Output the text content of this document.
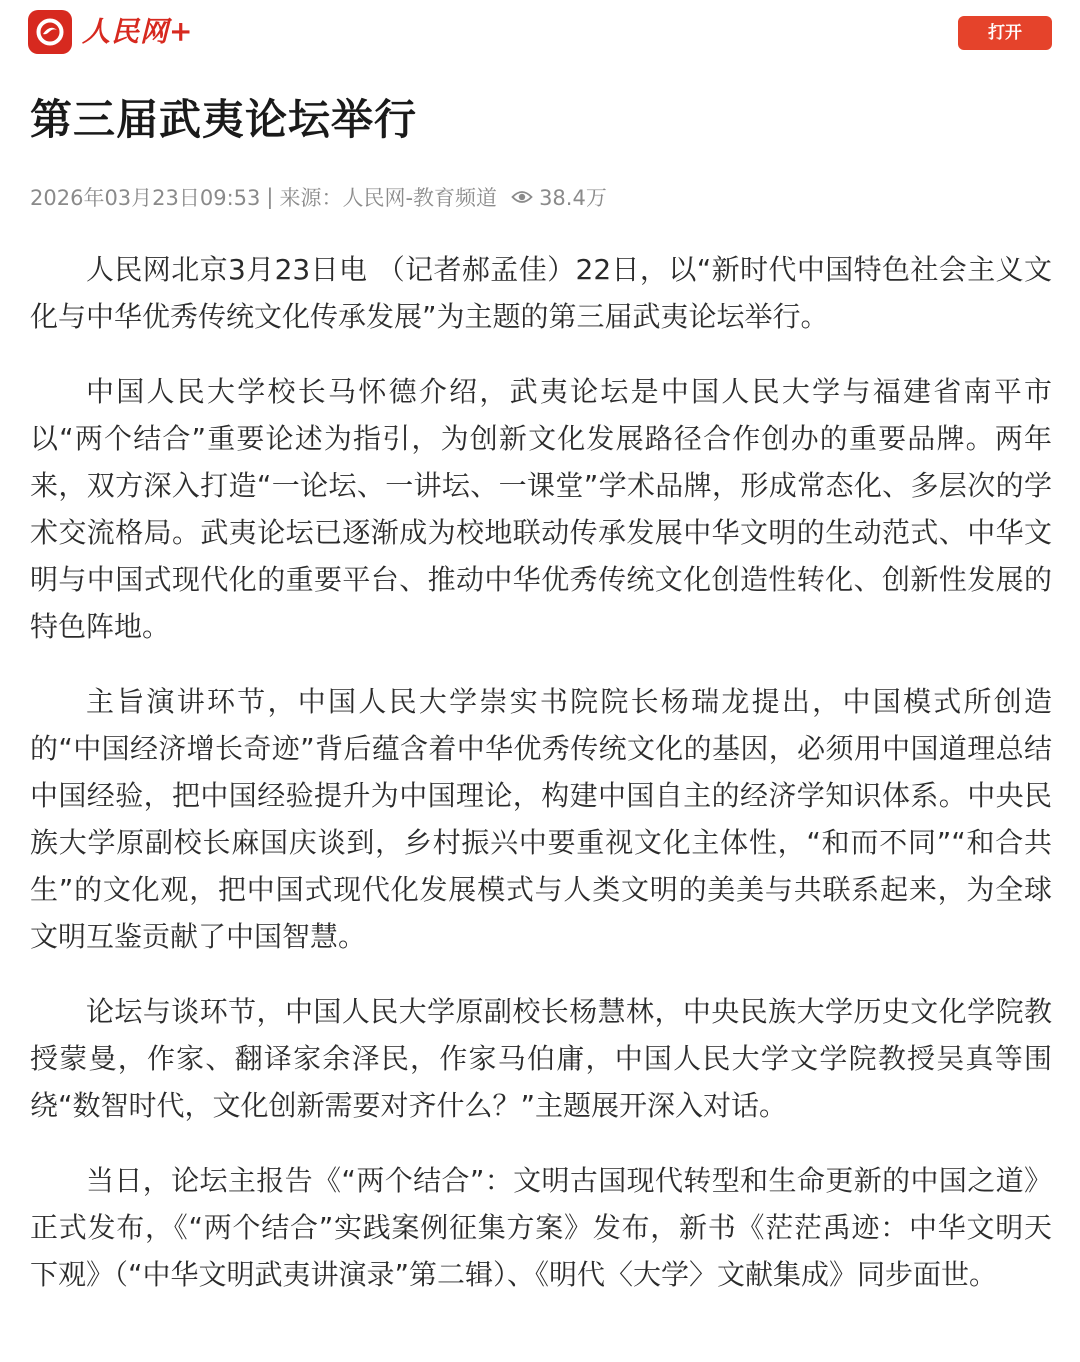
人民网+	打开
第三届武夷论坛举行
2026年03月23日09:53 | 来源：人民网-教育频道 38.4万

人民网北京3月23日电 （记者郝孟佳）22日，以“新时代中国特色社会主义文化与中华优秀传统文化传承发展”为主题的第三届武夷论坛举行。

中国人民大学校长马怀德介绍，武夷论坛是中国人民大学与福建省南平市以“两个结合”重要论述为指引，为创新文化发展路径合作创办的重要品牌。两年来，双方深入打造“一论坛、一讲坛、一课堂”学术品牌，形成常态化、多层次的学术交流格局。武夷论坛已逐渐成为校地联动传承发展中华文明的生动范式、中华文明与中国式现代化的重要平台、推动中华优秀传统文化创造性转化、创新性发展的特色阵地。

主旨演讲环节，中国人民大学崇实书院院长杨瑞龙提出，中国模式所创造的“中国经济增长奇迹”背后蕴含着中华优秀传统文化的基因，必须用中国道理总结中国经验，把中国经验提升为中国理论，构建中国自主的经济学知识体系。中央民族大学原副校长麻国庆谈到，乡村振兴中要重视文化主体性，“和而不同”“和合共生”的文化观，把中国式现代化发展模式与人类文明的美美与共联系起来，为全球文明互鉴贡献了中国智慧。

论坛与谈环节，中国人民大学原副校长杨慧林，中央民族大学历史文化学院教授蒙曼，作家、翻译家余泽民，作家马伯庸，中国人民大学文学院教授吴真等围绕“数智时代，文化创新需要对齐什么？”主题展开深入对话。

当日，论坛主报告《“两个结合”：文明古国现代转型和生命更新的中国之道》正式发布，《“两个结合”实践案例征集方案》发布，新书《茫茫禹迹：中华文明天下观》（“中华文明武夷讲演录”第二辑）、《明代〈大学〉文献集成》同步面世。
